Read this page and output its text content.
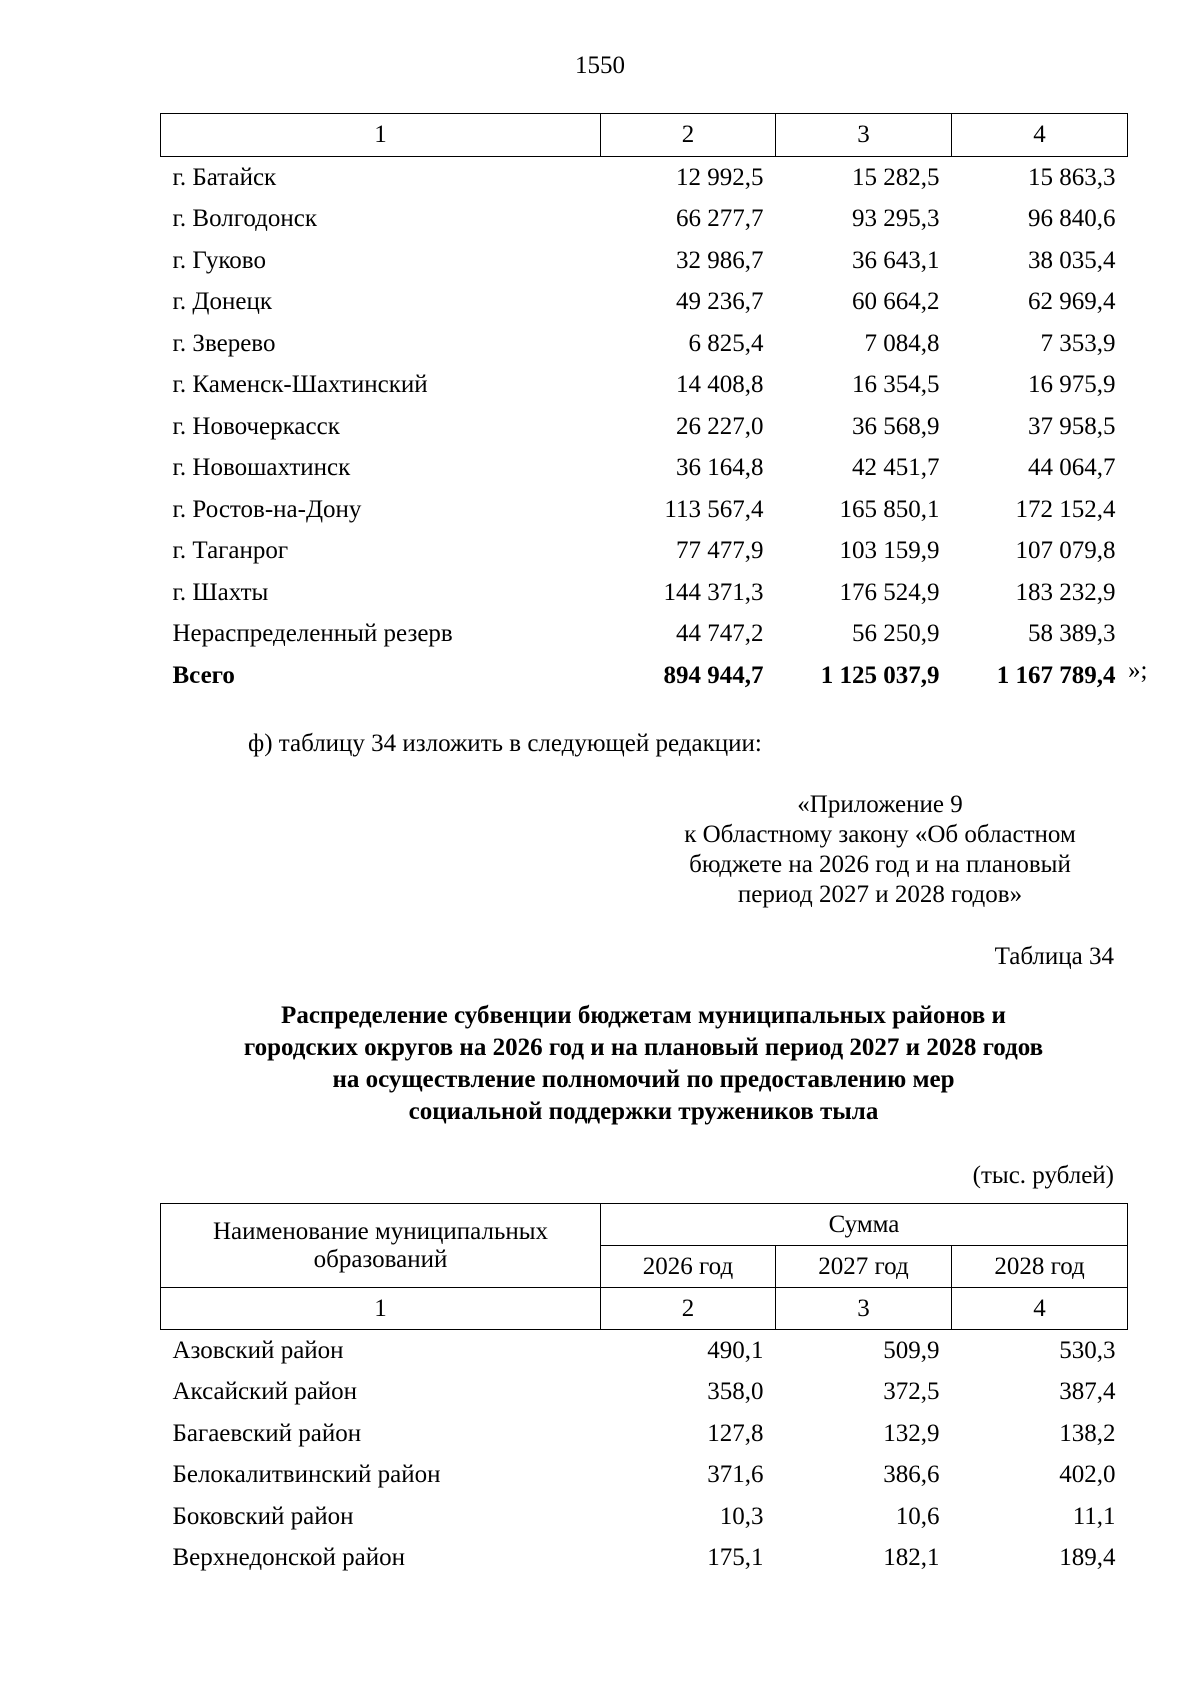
1550
1	2	3	4
г. Батайск	12 992,5	15 282,5	15 863,3
г. Волгодонск	66 277,7	93 295,3	96 840,6
г. Гуково	32 986,7	36 643,1	38 035,4
г. Донецк	49 236,7	60 664,2	62 969,4
г. Зверево	6 825,4	7 084,8	7 353,9
г. Каменск-Шахтинский	14 408,8	16 354,5	16 975,9
г. Новочеркасск	26 227,0	36 568,9	37 958,5
г. Новошахтинск	36 164,8	42 451,7	44 064,7
г. Ростов-на-Дону	113 567,4	165 850,1	172 152,4
г. Таганрог	77 477,9	103 159,9	107 079,8
г. Шахты	144 371,3	176 524,9	183 232,9
Нераспределенный резерв	44 747,2	56 250,9	58 389,3
Всего	894 944,7	1 125 037,9	1 167 789,4 »;
ф) таблицу 34 изложить в следующей редакции:
«Приложение 9
к Областному закону «Об областном
бюджете на 2026 год и на плановый
период 2027 и 2028 годов»
Таблица 34
Распределение субвенции бюджетам муниципальных районов и
городских округов на 2026 год и на плановый период 2027 и 2028 годов
на осуществление полномочий по предоставлению мер
социальной поддержки тружеников тыла
(тыс. рублей)
Наименование муниципальных образований	Сумма		
	2026 год	2027 год	2028 год
1	2	3	4
Азовский район	490,1	509,9	530,3
Аксайский район	358,0	372,5	387,4
Багаевский район	127,8	132,9	138,2
Белокалитвинский район	371,6	386,6	402,0
Боковский район	10,3	10,6	11,1
Верхнедонской район	175,1	182,1	189,4
